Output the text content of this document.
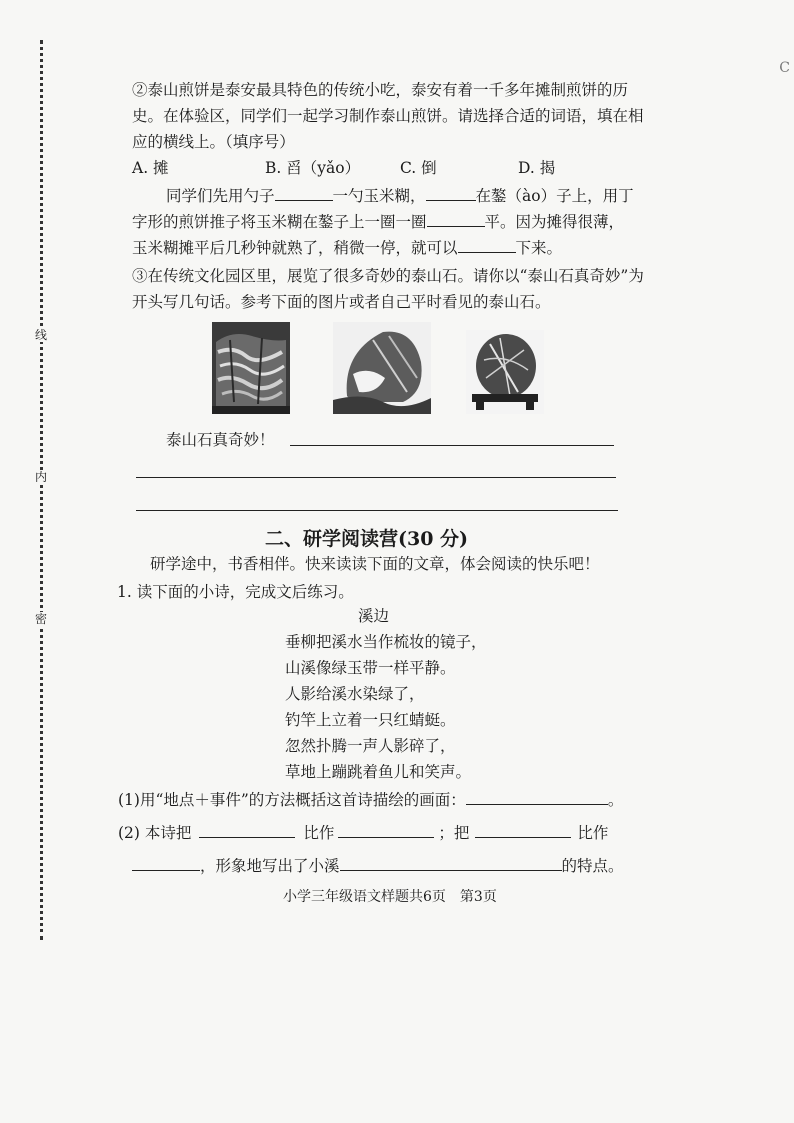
线
内
密
C
②泰山煎饼是泰安最具特色的传统小吃，泰安有着一千多年摊制煎饼的历
史。在体验区，同学们一起学习制作泰山煎饼。请选择合适的词语，填在相
应的横线上。（填序号）
A. 摊	B. 舀（yǎo）	C. 倒	D. 揭
同学们先用勺子	一勺玉米糊，	在鏊（ào）子上，用丁
字形的煎饼推子将玉米糊在鏊子上一圈一圈	平。因为摊得很薄，
玉米糊摊平后几秒钟就熟了，稍微一停，就可以	下来。
③在传统文化园区里，展览了很多奇妙的泰山石。请你以“泰山石真奇妙”为
开头写几句话。参考下面的图片或者自己平时看见的泰山石。
泰山石真奇妙！
二、研学阅读营(30 分)
研学途中，书香相伴。快来读读下面的文章，体会阅读的快乐吧！
1. 读下面的小诗，完成文后练习。
溪边
垂柳把溪水当作梳妆的镜子，
山溪像绿玉带一样平静。
人影给溪水染绿了，
钓竿上立着一只红蜻蜓。
忽然扑腾一声人影碎了，
草地上蹦跳着鱼儿和笑声。
(1)用“地点＋事件”的方法概括这首诗描绘的画面：	。
(2) 本诗把	比作	；把	比作
，形象地写出了小溪	的特点。
小学三年级语文样题共6页　第3页
